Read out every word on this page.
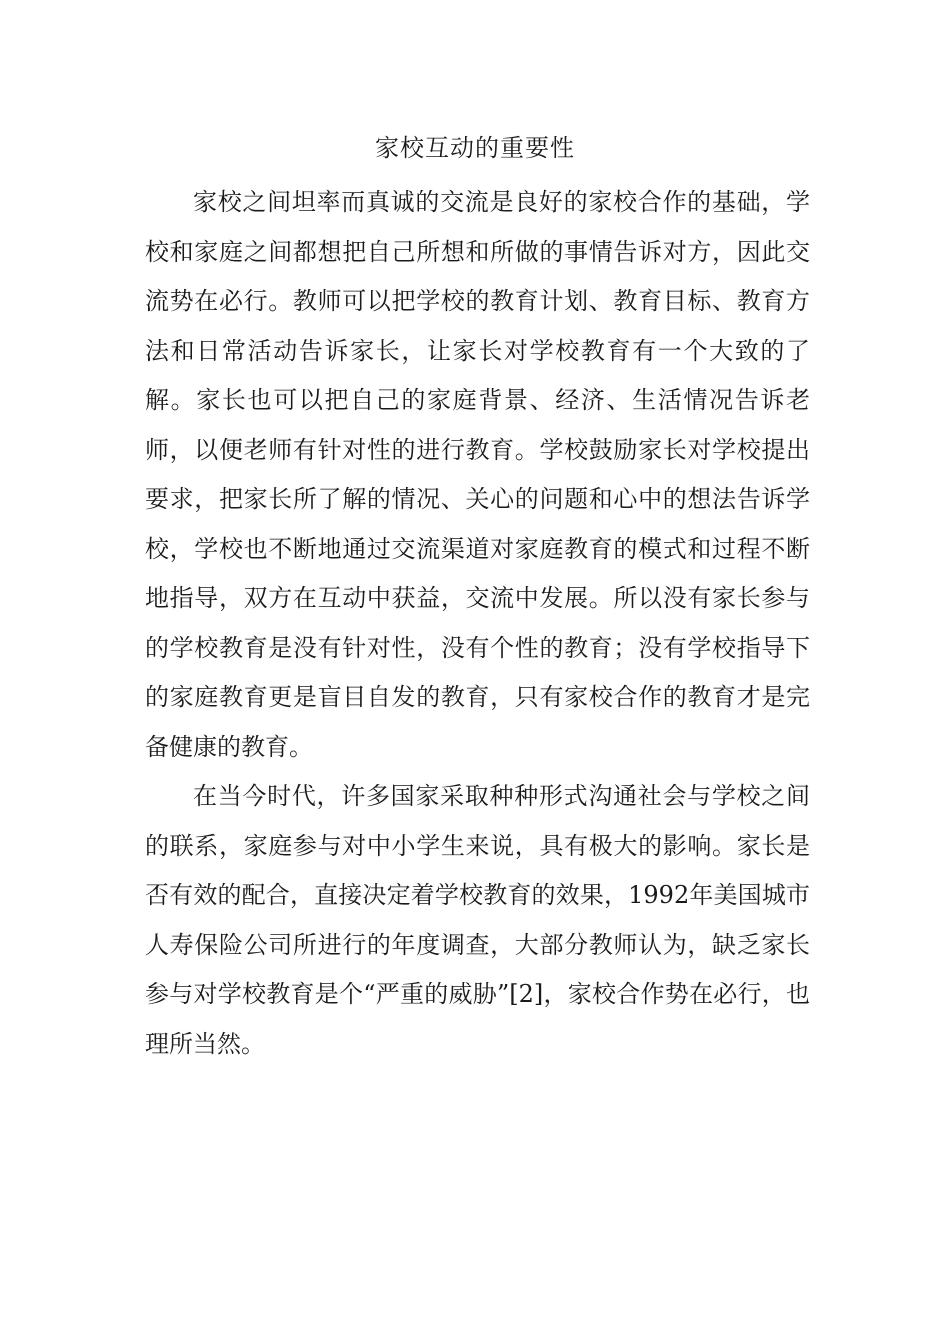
家校互动的重要性

家校之间坦率而真诚的交流是良好的家校合作的基础，学校和家庭之间都想把自己所想和所做的事情告诉对方，因此交流势在必行。教师可以把学校的教育计划、教育目标、教育方法和日常活动告诉家长，让家长对学校教育有一个大致的了解。家长也可以把自己的家庭背景、经济、生活情况告诉老师，以便老师有针对性的进行教育。学校鼓励家长对学校提出要求，把家长所了解的情况、关心的问题和心中的想法告诉学校，学校也不断地通过交流渠道对家庭教育的模式和过程不断地指导，双方在互动中获益，交流中发展。所以没有家长参与的学校教育是没有针对性，没有个性的教育；没有学校指导下的家庭教育更是盲目自发的教育，只有家校合作的教育才是完备健康的教育。

在当今时代，许多国家采取种种形式沟通社会与学校之间的联系，家庭参与对中小学生来说，具有极大的影响。家长是否有效的配合，直接决定着学校教育的效果，1992年美国城市人寿保险公司所进行的年度调查，大部分教师认为，缺乏家长参与对学校教育是个“严重的威胁”[2]，家校合作势在必行，也理所当然。
